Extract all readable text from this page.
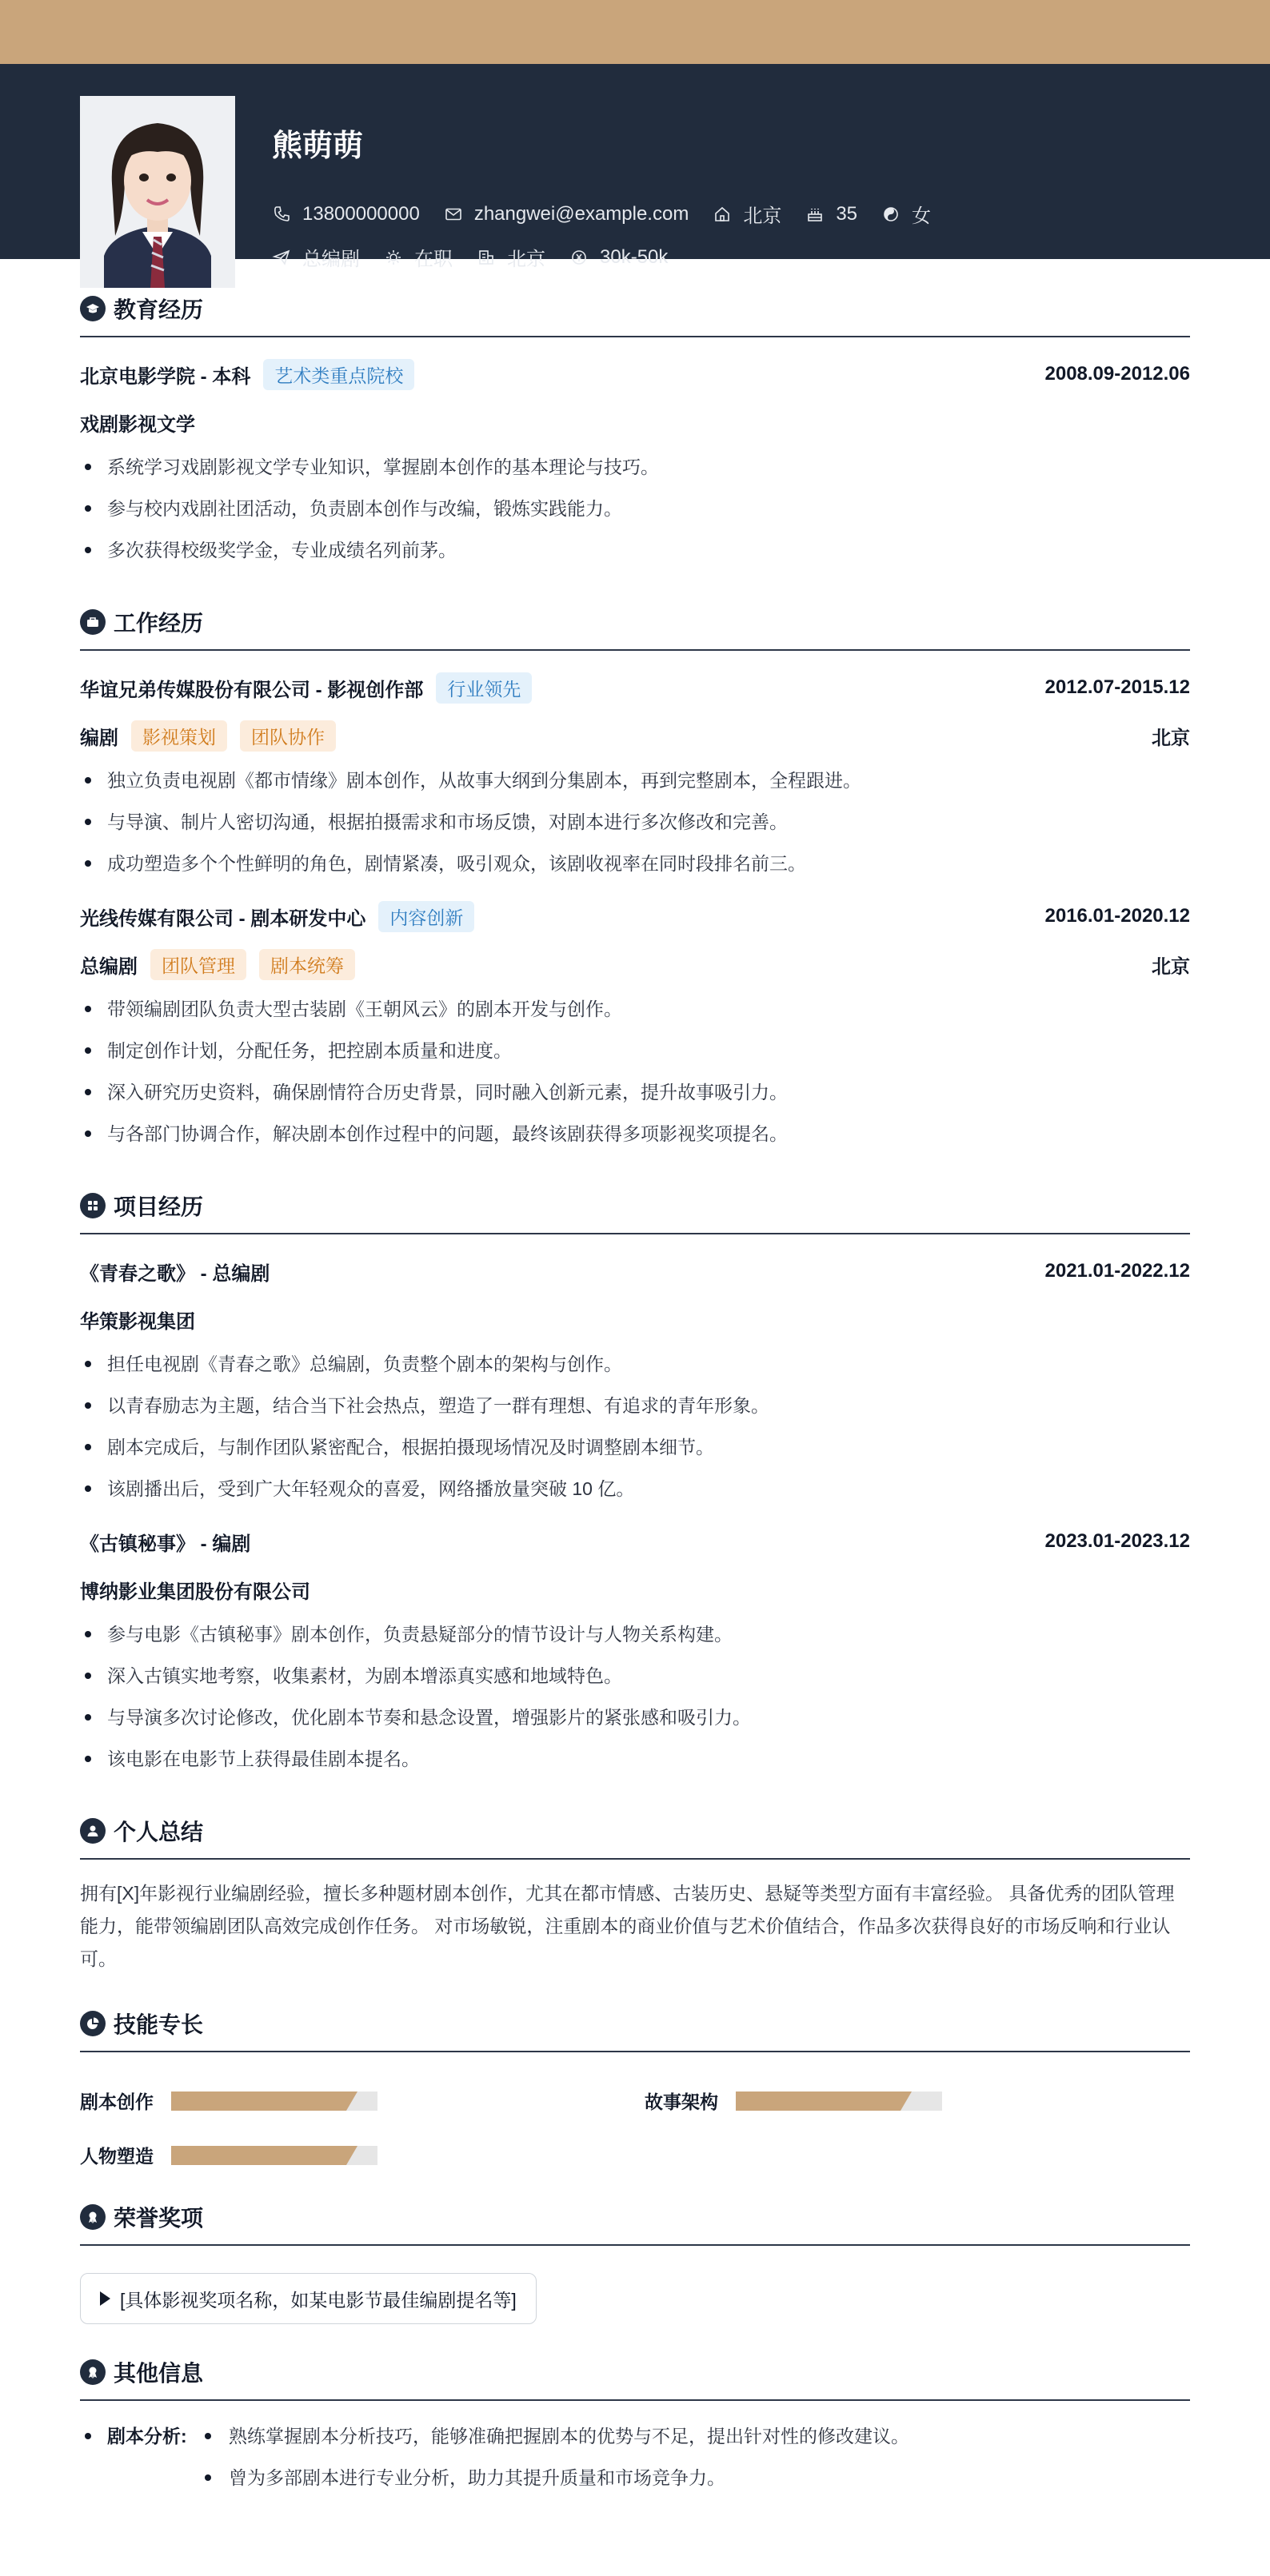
熊萌萌
13800000000	zhangwei@example.com	北京	35	女
总编剧	在职	北京	30k-50k
教育经历
北京电影学院 - 本科	艺术类重点院校	2008.09-2012.06
戏剧影视文学
系统学习戏剧影视文学专业知识，掌握剧本创作的基本理论与技巧。
参与校内戏剧社团活动，负责剧本创作与改编，锻炼实践能力。
多次获得校级奖学金，专业成绩名列前茅。
工作经历
华谊兄弟传媒股份有限公司 - 影视创作部	行业领先	2012.07-2015.12
编剧	影视策划	团队协作	北京
独立负责电视剧《都市情缘》剧本创作，从故事大纲到分集剧本，再到完整剧本，全程跟进。
与导演、制片人密切沟通，根据拍摄需求和市场反馈，对剧本进行多次修改和完善。
成功塑造多个个性鲜明的角色，剧情紧凑，吸引观众，该剧收视率在同时段排名前三。
光线传媒有限公司 - 剧本研发中心	内容创新	2016.01-2020.12
总编剧	团队管理	剧本统筹	北京
带领编剧团队负责大型古装剧《王朝风云》的剧本开发与创作。
制定创作计划，分配任务，把控剧本质量和进度。
深入研究历史资料，确保剧情符合历史背景，同时融入创新元素，提升故事吸引力。
与各部门协调合作，解决剧本创作过程中的问题，最终该剧获得多项影视奖项提名。
项目经历
《青春之歌》 - 总编剧	2021.01-2022.12
华策影视集团
担任电视剧《青春之歌》总编剧，负责整个剧本的架构与创作。
以青春励志为主题，结合当下社会热点，塑造了一群有理想、有追求的青年形象。
剧本完成后，与制作团队紧密配合，根据拍摄现场情况及时调整剧本细节。
该剧播出后，受到广大年轻观众的喜爱，网络播放量突破 10 亿。
《古镇秘事》 - 编剧	2023.01-2023.12
博纳影业集团股份有限公司
参与电影《古镇秘事》剧本创作，负责悬疑部分的情节设计与人物关系构建。
深入古镇实地考察，收集素材，为剧本增添真实感和地域特色。
与导演多次讨论修改，优化剧本节奏和悬念设置，增强影片的紧张感和吸引力。
该电影在电影节上获得最佳剧本提名。
个人总结

拥有[X]年影视行业编剧经验，擅长多种题材剧本创作，尤其在都市情感、古装历史、悬疑等类型方面有丰富经验。 具备优秀的团队管理能力，能带领编剧团队高效完成创作任务。 对市场敏锐，注重剧本的商业价值与艺术价值结合，作品多次获得良好的市场反响和行业认可。

技能专长
剧本创作	故事架构
人物塑造
荣誉奖项
[具体影视奖项名称，如某电影节最佳编剧提名等]
其他信息
剧本分析: 熟练掌握剧本分析技巧，能够准确把握剧本的优势与不足，提出针对性的修改建议。
曾为多部剧本进行专业分析，助力其提升质量和市场竞争力。
